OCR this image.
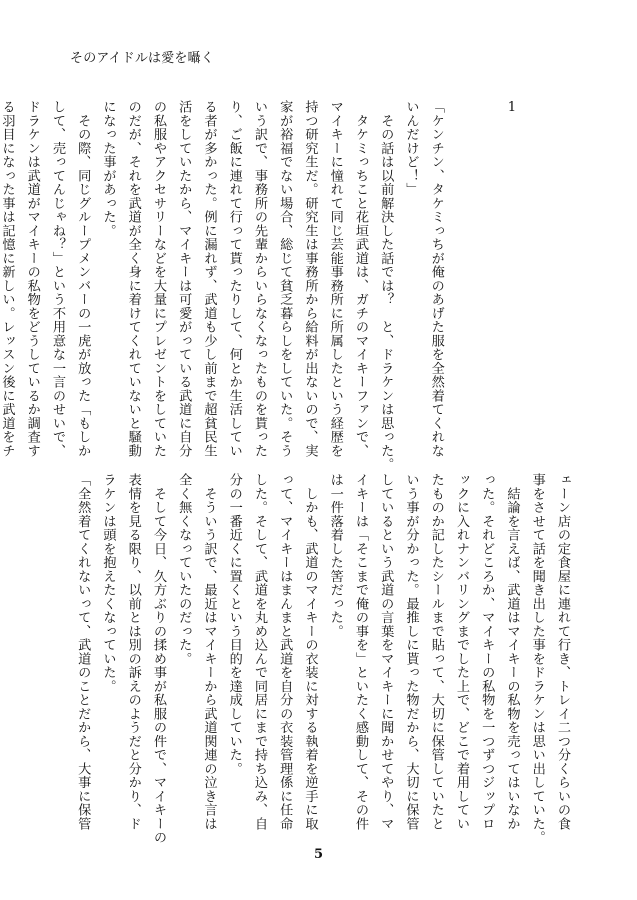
そのアイドルは愛を囁く

1

「ケンチン、タケミっちが俺のあげた服を全然着てくれな
いんだけど！」
　その話は以前解決した話では？　と、ドラケンは思った。
　タケミっちこと花垣武道は、ガチのマイキーファンで、
マイキーに憧れて同じ芸能事務所に所属したという経歴を
持つ研究生だ。研究生は事務所から給料が出ないので、実
家が裕福でない場合、総じて貧乏暮らしをしていた。そう
いう訳で、事務所の先輩からいらなくなったものを貰った
り、ご飯に連れて行って貰ったりして、何とか生活してい
る者が多かった。例に漏れず、武道も少し前まで超貧民生
活をしていたから、マイキーは可愛がっている武道に自分
の私服やアクセサリーなどを大量にプレゼントをしていた
のだが、それを武道が全く身に着けてくれていないと騒動
になった事があった。
　その際、同じグループメンバーの一虎が放った「もしか
して、売ってんじゃね？」という不用意な一言のせいで、
ドラケンは武道がマイキーの私物をどうしているか調査す
る羽目になった事は記憶に新しい。レッスン後に武道をチ
ェーン店の定食屋に連れて行き、トレイ二つ分くらいの食
事をさせて話を聞き出した事をドラケンは思い出していた。
　結論を言えば、武道はマイキーの私物を売ってはいなか
った。それどころか、マイキーの私物を一つずつジップロ
ックに入れナンバリングまでした上で、どこで着用してい
たものか記したシールまで貼って、大切に保管していたと
いう事が分かった。最推しに貰った物だから、大切に保管
しているという武道の言葉をマイキーに聞かせてやり、マ
イキーは「そこまで俺の事を」といたく感動して、その件
は一件落着した筈だった。
　しかも、武道のマイキーの衣装に対する執着を逆手に取
って、マイキーはまんまと武道を自分の衣装管理係に任命
した。そして、武道を丸め込んで同居にまで持ち込み、自
分の一番近くに置くという目的を達成していた。
　そういう訳で、最近はマイキーから武道関連の泣き言は
全く無くなっていたのだった。
　そして今日、久方ぶりの揉め事が私服の件で、マイキーの
表情を見る限り、以前とは別の訴えのようだと分かり、ド
ラケンは頭を抱えたくなっていた。
「全然着てくれないって、武道のことだから、大事に保管
5
